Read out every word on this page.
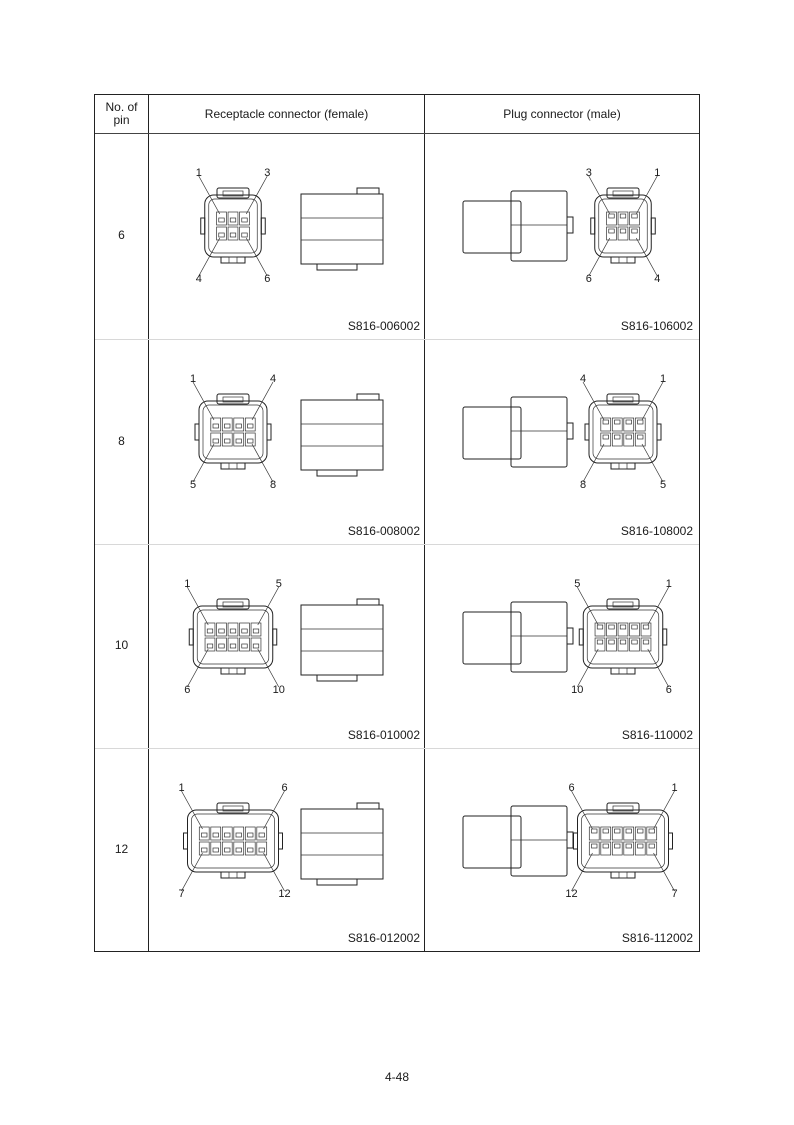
No. of
pin	Receptacle connector (female)	Plug connector (male)
6
1	3
4	6
3	1
6	4
S816-006002	S816-106002
8
1	4
5	8
4	1
8	5
S816-008002	S816-108002
10
1	5
6	10
5	1
10	6
S816-010002	S816-110002
12
1	6
7	12
6	1
12	7
S816-012002	S816-112002
4-48
